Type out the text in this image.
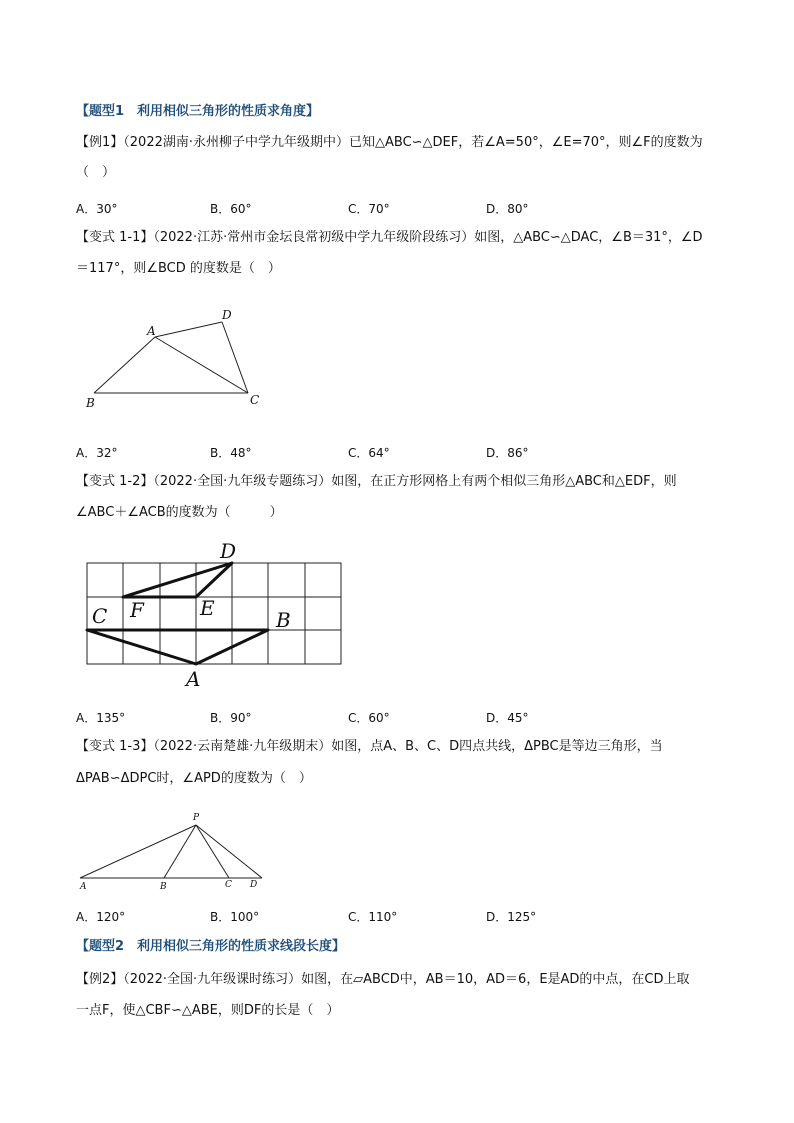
【题型1　利用相似三角形的性质求角度】
【例1】（2022湖南·永州柳子中学九年级期中）已知△ABC∽△DEF，若∠A=50°，∠E=70°，则∠F的度数为
（　）
A．30°	B．60°	C．70°	D．80°
【变式 1-1】（2022·江苏·常州市金坛良常初级中学九年级阶段练习）如图，△ABC∽△DAC，∠B＝31°，∠D
＝117°，则∠BCD 的度数是（　）
A
D
B	C
A．32°	B．48°	C．64°	D．86°
【变式 1-2】（2022·全国·九年级专题练习）如图，在正方形网格上有两个相似三角形△ABC和△EDF，则
∠ABC＋∠ACB的度数为（　　　）
D
C F	E	B
A
A．135°	B．90°	C．60°	D．45°
【变式 1-3】（2022·云南楚雄·九年级期末）如图，点A、B、C、D四点共线，ΔPBC是等边三角形，当
ΔPAB∽ΔDPC时，∠APD的度数为（　）
P
A	B	C D
A．120°	B．100°	C．110°	D．125°
【题型2　利用相似三角形的性质求线段长度】
【例2】（2022·全国·九年级课时练习）如图，在▱ABCD中，AB＝10，AD＝6，E是AD的中点，在CD上取
一点F，使△CBF∽△ABE，则DF的长是（　）
